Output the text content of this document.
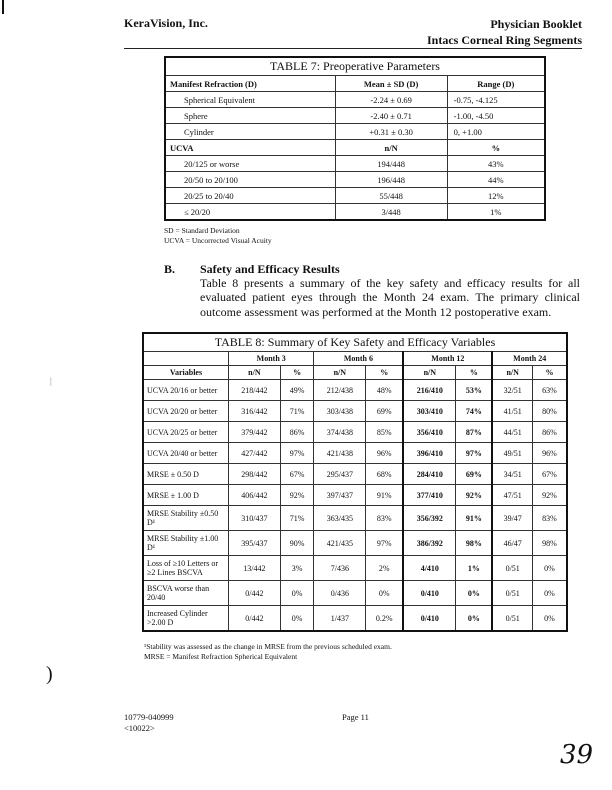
KeraVision, Inc.	Physician Booklet
Intacs Corneal Ring Segments
TABLE 7: Preoperative Parameters		
Manifest Refraction (D)	Mean ± SD (D)	Range (D)
Spherical Equivalent	-2.24 ± 0.69	-0.75, -4.125
Sphere	-2.40 ± 0.71	-1.00, -4.50
Cylinder	+0.31 ± 0.30	0, +1.00
UCVA	n/N	%
20/125 or worse	194/448	43%
20/50 to 20/100	196/448	44%
20/25 to 20/40	55/448	12%
≤ 20/20	3/448	1%
SD = Standard Deviation
UCVA = Uncorrected Visual Acuity
B. Safety and Efficacy Results
Table 8 presents a summary of the key safety and efficacy results for all evaluated patient eyes through the Month 24 exam. The primary clinical outcome assessment was performed at the Month 12 postoperative exam.
TABLE 8: Summary of Key Safety and Efficacy Variables								
	Month 3		Month 6		Month 12		Month 24	
Variables	n/N	%	n/N	%	n/N	%	n/N	%
UCVA 20/16 or better	218/442	49%	212/438	48%	216/410	53%	32/51	63%
UCVA 20/20 or better	316/442	71%	303/438	69%	303/410	74%	41/51	80%
UCVA 20/25 or better	379/442	86%	374/438	85%	356/410	87%	44/51	86%
UCVA 20/40 or better	427/442	97%	421/438	96%	396/410	97%	49/51	96%
MRSE ± 0.50 D	298/442	67%	295/437	68%	284/410	69%	34/51	67%
MRSE ± 1.00 D	406/442	92%	397/437	91%	377/410	92%	47/51	92%
MRSE Stability ±0.50 D¹	310/437	71%	363/435	83%	356/392	91%	39/47	83%
MRSE Stability ±1.00 D¹	395/437	90%	421/435	97%	386/392	98%	46/47	98%
Loss of ≥10 Letters or ≥2 Lines BSCVA	13/442	3%	7/436	2%	4/410	1%	0/51	0%
BSCVA worse than 20/40	0/442	0%	0/436	0%	0/410	0%	0/51	0%
Increased Cylinder >2.00 D	0/442	0%	1/437	0.2%	0/410	0%	0/51	0%
¹Stability was assessed as the change in MRSE from the previous scheduled exam.
MRSE = Manifest Refraction Spherical Equivalent
|
)
10779-040999
<10022>
Page 11
39
